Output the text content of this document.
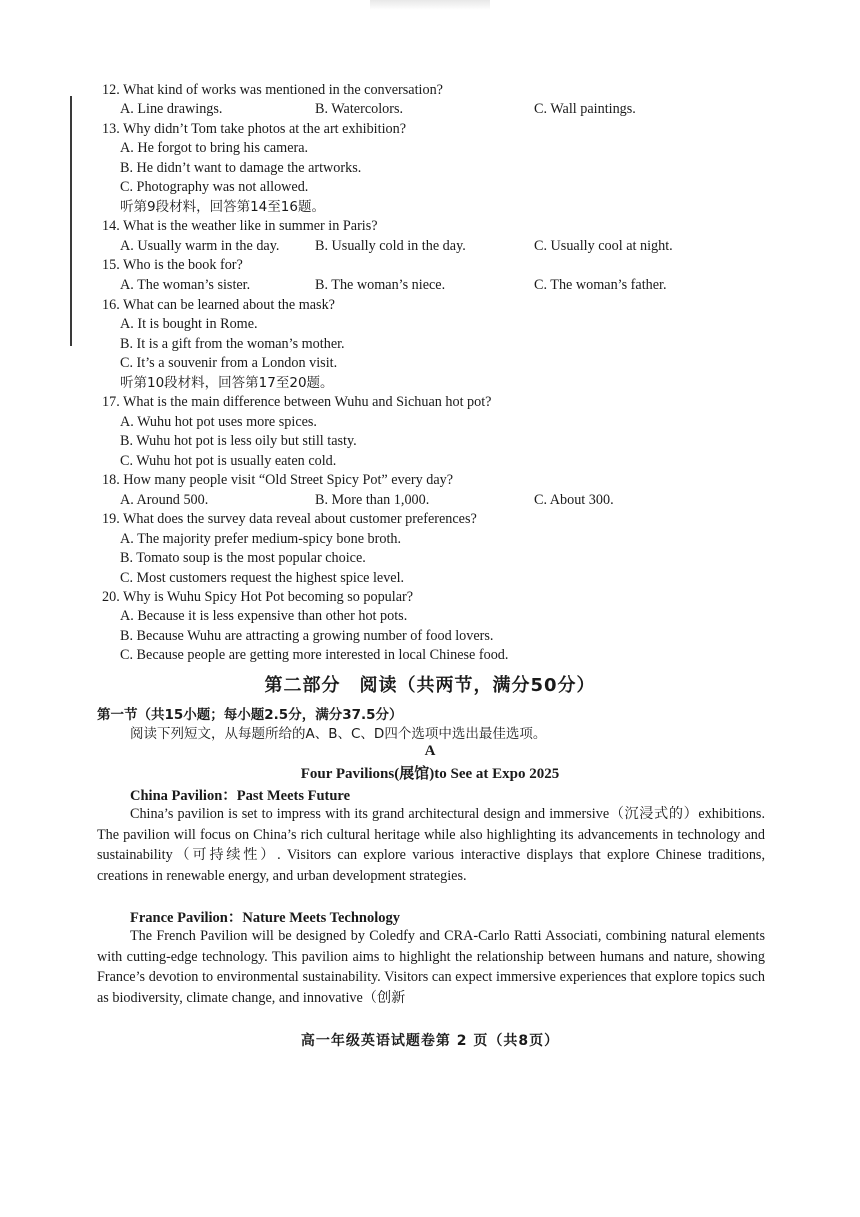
12. What kind of works was mentioned in the conversation?
A. Line drawings.	B. Watercolors.	C. Wall paintings.
13. Why didn’t Tom take photos at the art exhibition?
A. He forgot to bring his camera.
B. He didn’t want to damage the artworks.
C. Photography was not allowed.
听第9段材料，回答第14至16题。
14. What is the weather like in summer in Paris?
A. Usually warm in the day.	B. Usually cold in the day.	C. Usually cool at night.
15. Who is the book for?
A. The woman’s sister.	B. The woman’s niece.	C. The woman’s father.
16. What can be learned about the mask?
A. It is bought in Rome.
B. It is a gift from the woman’s mother.
C. It’s a souvenir from a London visit.
听第10段材料，回答第17至20题。
17. What is the main difference between Wuhu and Sichuan hot pot?
A. Wuhu hot pot uses more spices.
B. Wuhu hot pot is less oily but still tasty.
C. Wuhu hot pot is usually eaten cold.
18. How many people visit “Old Street Spicy Pot” every day?
A. Around 500.	B. More than 1,000.	C. About 300.
19. What does the survey data reveal about customer preferences?
A. The majority prefer medium-spicy bone broth.
B. Tomato soup is the most popular choice.
C. Most customers request the highest spice level.
20. Why is Wuhu Spicy Hot Pot becoming so popular?
A. Because it is less expensive than other hot pots.
B. Because Wuhu are attracting a growing number of food lovers.
C. Because people are getting more interested in local Chinese food.
第二部分　阅读（共两节，满分50分）
第一节（共15小题；每小题2.5分，满分37.5分）
阅读下列短文，从每题所给的A、B、C、D四个选项中选出最佳选项。
A
Four Pavilions(展馆)to See at Expo 2025
China Pavilion：Past Meets Future
China’s pavilion is set to impress with its grand architectural design and immersive（沉浸式的）exhibitions. The pavilion will focus on China’s rich cultural heritage while also highlighting its advancements in technology and sustainability（可持续性）. Visitors can explore various interactive displays that explore Chinese traditions, creations in renewable energy, and urban development strategies.
France Pavilion：Nature Meets Technology
The French Pavilion will be designed by Coledfy and CRA-Carlo Ratti Associati, combining natural elements with cutting-edge technology. This pavilion aims to highlight the relationship between humans and nature, showing France’s devotion to environmental sustainability. Visitors can expect immersive experiences that explore topics such as biodiversity, climate change, and innovative（创新
高一年级英语试题卷第 2 页（共8页）
